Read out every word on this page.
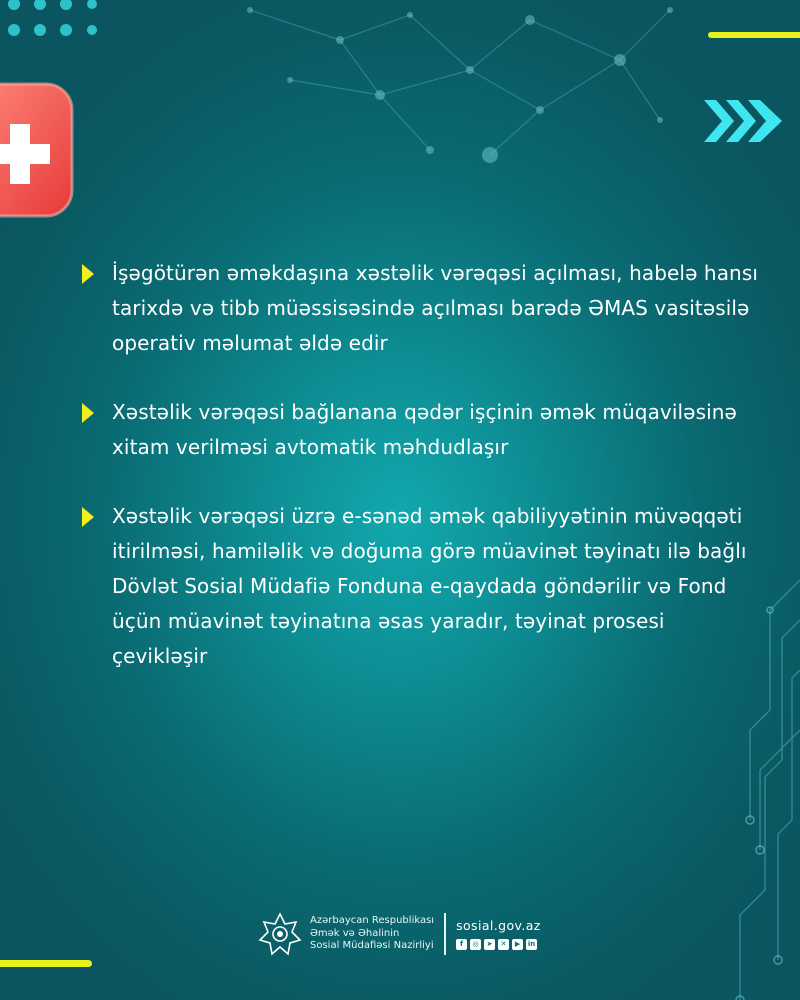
İşəgötürən əməkdaşına xəstəlik vərəqəsi açılması, habelə hansı tarixdə və tibb müəssisəsində açılması barədə ƏMAS vasitəsilə operativ məlumat əldə edir

Xəstəlik vərəqəsi bağlanana qədər işçinin əmək müqaviləsinə xitam verilməsi avtomatik məhdudlaşır

Xəstəlik vərəqəsi üzrə e-sənəd əmək qabiliyyətinin müvəqqəti itirilməsi, hamiləlik və doğuma görə müavinət təyinatı ilə bağlı Dövlət Sosial Müdafiə Fonduna e-qaydada göndərilir və Fond üçün müavinət təyinatına əsas yaradır, təyinat prosesi çevikləşir

Azərbaycan Respublikası
Əmək və Əhalinin
Sosial Müdafiəsi Nazirliyi
sosial.gov.az
f	◎	➤	✕	▶	in
